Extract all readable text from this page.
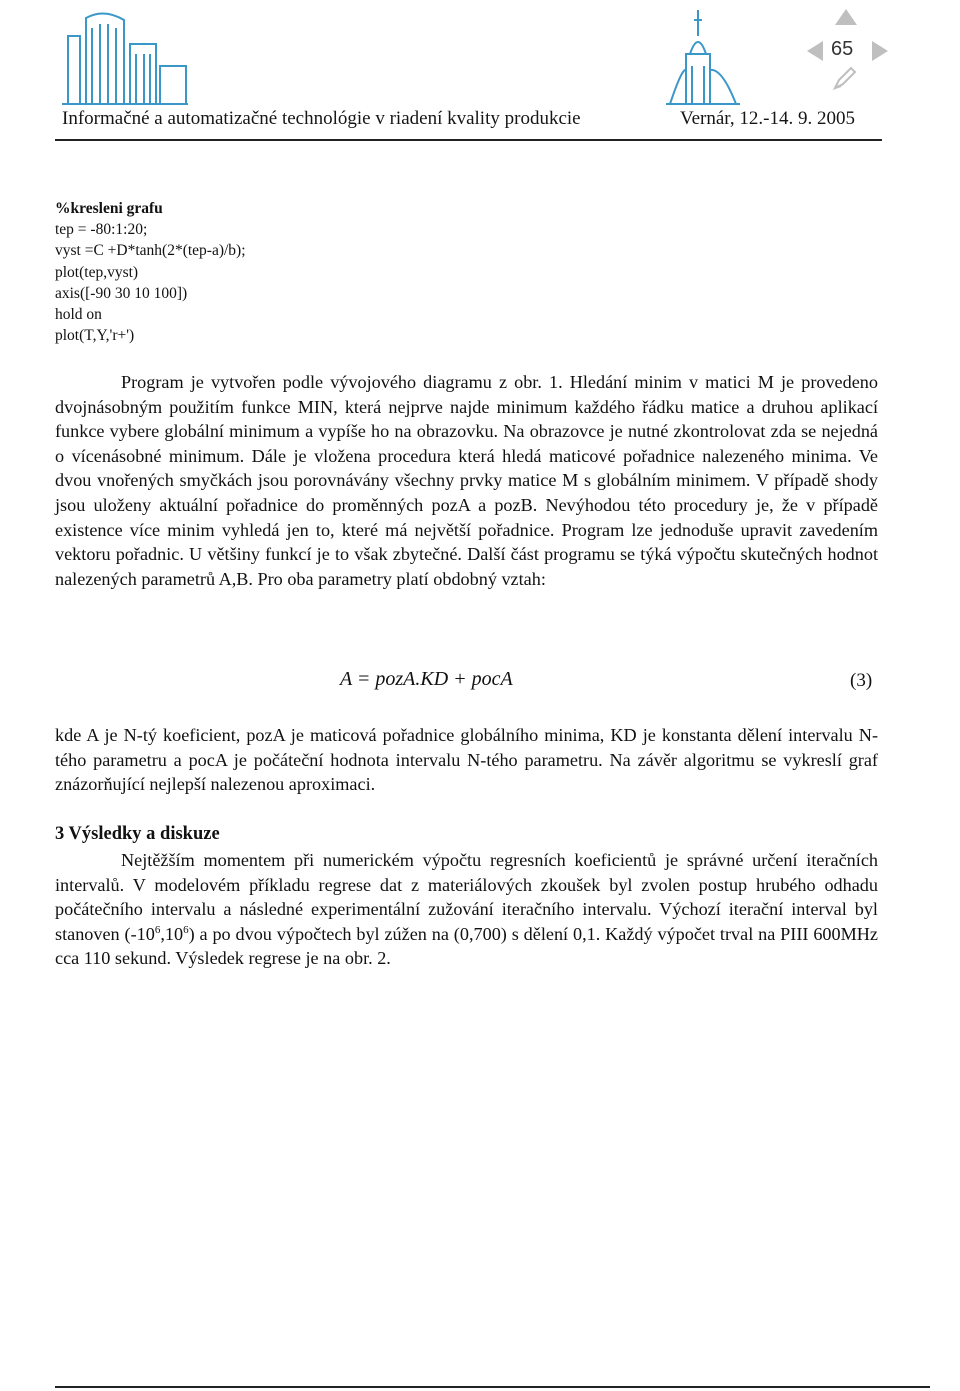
65
Informačné a automatizačné technológie v riadení kvality produkcie	Vernár, 12.-14. 9. 2005
%kresleni grafu
tep = -80:1:20;
vyst =C +D*tanh(2*(tep-a)/b);
plot(tep,vyst)
axis([-90 30 10 100])
hold on
plot(T,Y,'r+')
Program je vytvořen podle vývojového diagramu z obr. 1. Hledání minim v matici M je provedeno dvojnásobným použitím funkce MIN, která nejprve najde minimum každého řádku matice a druhou aplikací funkce vybere globální minimum a vypíše ho na obrazovku. Na obrazovce je nutné zkontrolovat zda se nejedná o vícenásobné minimum. Dále je vložena procedura která hledá maticové pořadnice nalezeného minima. Ve dvou vnořených smyčkách jsou porovnávány všechny prvky matice M s globálním minimem. V případě shody jsou uloženy aktuální pořadnice do proměnných pozA a pozB. Nevýhodou této procedury je, že v případě existence více minim vyhledá jen to, které má největší pořadnice. Program lze jednoduše upravit zavedením vektoru pořadnic. U většiny funkcí je to však zbytečné. Další část programu se týká výpočtu skutečných hodnot nalezených parametrů A,B. Pro oba parametry platí obdobný vztah:
A = pozA.KD + pocA	(3)
kde A je N-tý koeficient, pozA je maticová pořadnice globálního minima, KD je konstanta dělení intervalu N-tého parametru a pocA je počáteční hodnota intervalu N-tého parametru. Na závěr algoritmu se vykreslí graf znázorňující nejlepší nalezenou aproximaci.
3 Výsledky a diskuze
Nejtěžším momentem při numerickém výpočtu regresních koeficientů je správné určení iteračních intervalů. V modelovém příkladu regrese dat z materiálových zkoušek byl zvolen postup hrubého odhadu počátečního intervalu a následné experimentální zužování iteračního intervalu. Výchozí iterační interval byl stanoven $(-10^6,10^6)$ a po dvou výpočtech byl zúžen na (0,700) s dělení 0,1. Každý výpočet trval na PIII 600MHz cca 110 sekund. Výsledek regrese je na obr. 2.
